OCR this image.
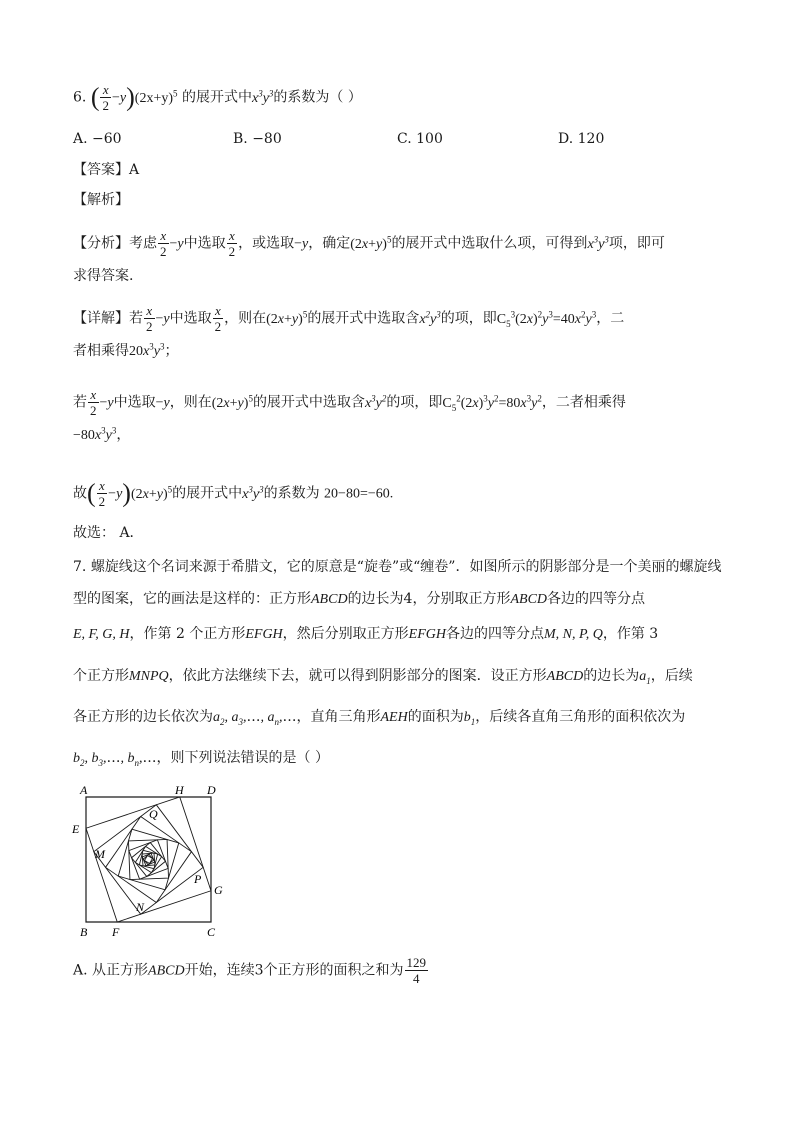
6. ( $\frac{x}{2} -y)(2x+y)^5$ 的展开式中$x^3y^3$的系数为（ ）
A. −60	B. −80	C. 100	D. 120
【答案】A
【解析】
【分析】考虑 $\frac{x}{2} -y$中选取 $\frac{x}{2}$ ，或选取−y，确定$(2x+y)^5$的展开式中选取什么项，可得到$x^3y^3$项，即可
求得答案.
【详解】若 $\frac{x}{2} -y$中选取 $\frac{x}{2}$ ，则在$(2x+y)^5$的展开式中选取含$x^2y^3$的项，即$C_5^3(2x)^2y^3=40x^2y^3$，二
者相乘得$20x^3y^3$；
若 $\frac{x}{2} -y$中选取−y，则在$(2x+y)^5$的展开式中选取含$x^3y^2$的项，即$C_5^2(2x)^3y^2=80x^3y^2$，二者相乘得
$-80x^3y^3$，
故( $\frac{x}{2} -y)(2x+y)^5$的展开式中$x^3y^3$的系数为 20−80=−60.
故选： A．
7. 螺旋线这个名词来源于希腊文，它的原意是“旋卷”或“缠卷”．如图所示的阴影部分是一个美丽的螺旋线
型的图案，它的画法是这样的：正方形ABCD的边长为4，分别取正方形ABCD各边的四等分点
E, F, G, H，作第 2 个正方形EFGH，然后分别取正方形EFGH各边的四等分点M, N, P, Q，作第 3
个正方形MNPQ，依此方法继续下去，就可以得到阴影部分的图案．设正方形ABCD的边长为$a_1$，后续
各正方形的边长依次为$a_2$, $a_3,\dots$, $a_n,\dots$，直角三角形AEH的面积为$b_1$，后续各直角三角形的面积依次为
$b_2$, $b_3,\dots$, $b_n,\dots$，则下列说法错误的是（ ）
A	H D
E
Q
M
P
G
N
B F	C
A. 从正方形ABCD开始，连续3个正方形的面积之和为 $\frac{129}{4}$
